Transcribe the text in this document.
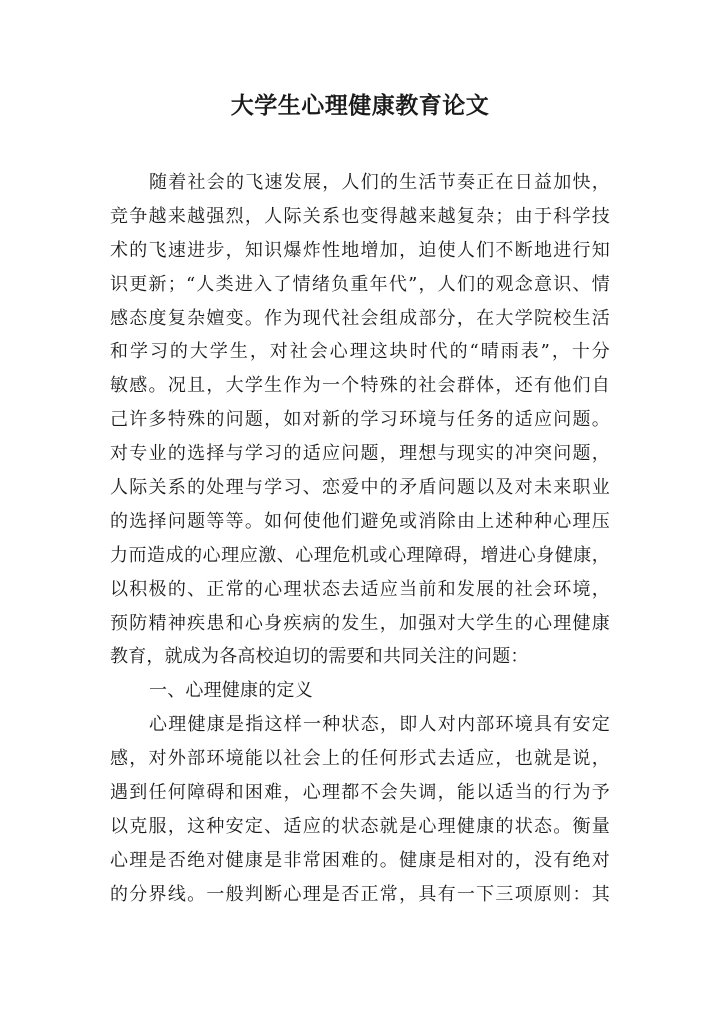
大学生心理健康教育论文
随着社会的飞速发展，人们的生活节奏正在日益加快，
竞争越来越强烈，人际关系也变得越来越复杂；由于科学技
术的飞速进步，知识爆炸性地增加，迫使人们不断地进行知
识更新；“人类进入了情绪负重年代”，人们的观念意识、情
感态度复杂嬗变。作为现代社会组成部分，在大学院校生活
和学习的大学生，对社会心理这块时代的“晴雨表”，十分
敏感。况且，大学生作为一个特殊的社会群体，还有他们自
己许多特殊的问题，如对新的学习环境与任务的适应问题。
对专业的选择与学习的适应问题，理想与现实的冲突问题，
人际关系的处理与学习、恋爱中的矛盾问题以及对未来职业
的选择问题等等。如何使他们避免或消除由上述种种心理压
力而造成的心理应激、心理危机或心理障碍，增进心身健康，
以积极的、正常的心理状态去适应当前和发展的社会环境，
预防精神疾患和心身疾病的发生，加强对大学生的心理健康
教育，就成为各高校迫切的需要和共同关注的问题：
一、心理健康的定义
心理健康是指这样一种状态，即人对内部环境具有安定
感，对外部环境能以社会上的任何形式去适应，也就是说，
遇到任何障碍和困难，心理都不会失调，能以适当的行为予
以克服，这种安定、适应的状态就是心理健康的状态。衡量
心理是否绝对健康是非常困难的。健康是相对的，没有绝对
的分界线。一般判断心理是否正常，具有一下三项原则：其
